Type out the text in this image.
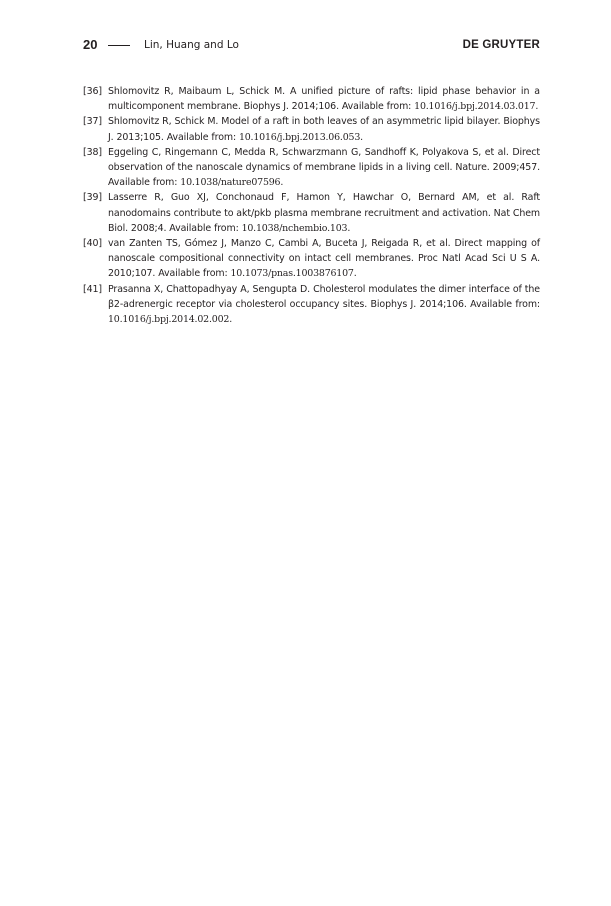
20	Lin, Huang and Lo	DE GRUYTER
[36] Shlomovitz R, Maibaum L, Schick M. A unified picture of rafts: lipid phase behavior in a multicomponent membrane. Biophys J. 2014;106. Available from: 10.1016/j.bpj.2014.03.017.
[37] Shlomovitz R, Schick M. Model of a raft in both leaves of an asymmetric lipid bilayer. Biophys J. 2013;105. Available from: 10.1016/j.bpj.2013.06.053.
[38] Eggeling C, Ringemann C, Medda R, Schwarzmann G, Sandhoff K, Polyakova S, et al. Direct observation of the nanoscale dynamics of membrane lipids in a living cell. Nature. 2009;457. Available from: 10.1038/nature07596.
[39] Lasserre R, Guo XJ, Conchonaud F, Hamon Y, Hawchar O, Bernard AM, et al. Raft nanodomains contribute to akt/pkb plasma membrane recruitment and activation. Nat Chem Biol. 2008;4. Available from: 10.1038/nchembio.103.
[40] van Zanten TS, Gómez J, Manzo C, Cambi A, Buceta J, Reigada R, et al. Direct mapping of nanoscale compositional connectivity on intact cell membranes. Proc Natl Acad Sci U S A. 2010;107. Available from: 10.1073/pnas.1003876107.
[41] Prasanna X, Chattopadhyay A, Sengupta D. Cholesterol modulates the dimer interface of the β2-adrenergic receptor via cholesterol occupancy sites. Biophys J. 2014;106. Available from: 10.1016/j.bpj.2014.02.002.
